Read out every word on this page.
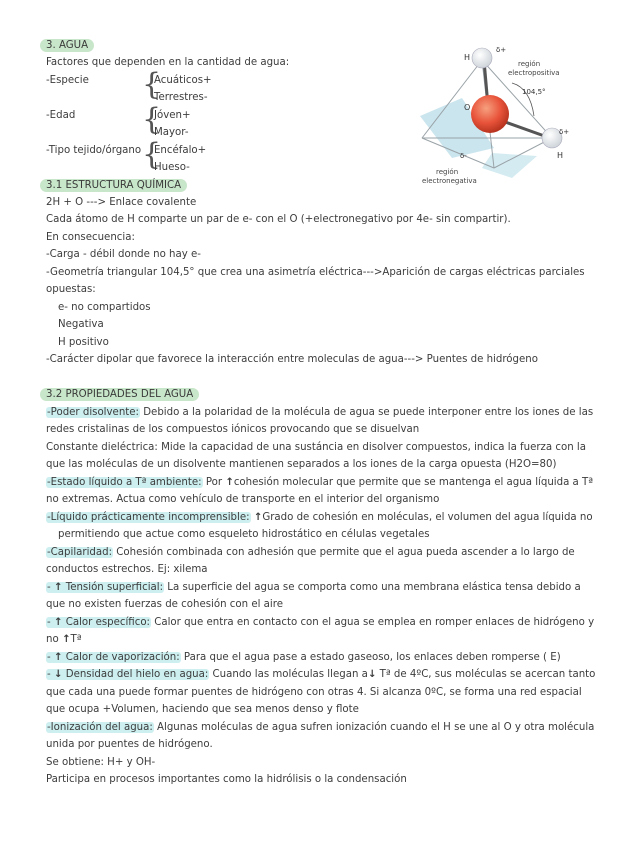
3. AGUA
Factores que dependen en la cantidad de agua:
-Especie {
Acuáticos+
Terrestres-
-Edad {
Jóven+
Mayor-
-Tipo tejido/órgano {
Encéfalo+
Hueso-
H
δ+
O
H
δ+
δ-
104,5°
región
electropositiva
región
electronegativa
3.1 ESTRUCTURA QUÍMICA
2H + O ---> Enlace covalente
Cada átomo de H comparte un par de e- con el O (+electronegativo por 4e- sin compartir).
En consecuencia:
-Carga - débil donde no hay e-
-Geometría triangular 104,5° que crea una asimetría eléctrica--->Aparición de cargas eléctricas parciales
opuestas:
e- no compartidos
Negativa
H positivo
-Carácter dipolar que favorece la interacción entre moleculas de agua---> Puentes de hidrógeno
3.2 PROPIEDADES DEL AGUA
-Poder disolvente: Debido a la polaridad de la molécula de agua se puede interponer entre los iones de las
redes cristalinas de los compuestos iónicos provocando que se disuelvan
Constante dieléctrica: Mide la capacidad de una sustáncia en disolver compuestos, indica la fuerza con la
que las moléculas de un disolvente mantienen separados a los iones de la carga opuesta (H2O=80)
-Estado líquido a Tª ambiente: Por ↑cohesión molecular que permite que se mantenga el agua líquida a Tª
no extremas. Actua como vehículo de transporte en el interior del organismo
-Líquido prácticamente incomprensible: ↑Grado de cohesión en moléculas, el volumen del agua líquida no
permitiendo que actue como esqueleto hidrostático en células vegetales
-Capilaridad: Cohesión combinada con adhesión que permite que el agua pueda ascender a lo largo de
conductos estrechos. Ej: xilema
- ↑ Tensión superficial: La superficie del agua se comporta como una membrana elástica tensa debido a
que no existen fuerzas de cohesión con el aire
- ↑ Calor específico: Calor que entra en contacto con el agua se emplea en romper enlaces de hidrógeno y
no ↑Tª
- ↑ Calor de vaporización: Para que el agua pase a estado gaseoso, los enlaces deben romperse ( E)
- ↓ Densidad del hielo en agua: Cuando las moléculas llegan a↓ Tª de 4ºC, sus moléculas se acercan tanto
que cada una puede formar puentes de hidrógeno con otras 4. Si alcanza 0ºC, se forma una red espacial
que ocupa +Volumen, haciendo que sea menos denso y flote
-Ionización del agua: Algunas moléculas de agua sufren ionización cuando el H se une al O y otra molécula
unida por puentes de hidrógeno.
Se obtiene: H+ y OH-
Participa en procesos importantes como la hidrólisis o la condensación
